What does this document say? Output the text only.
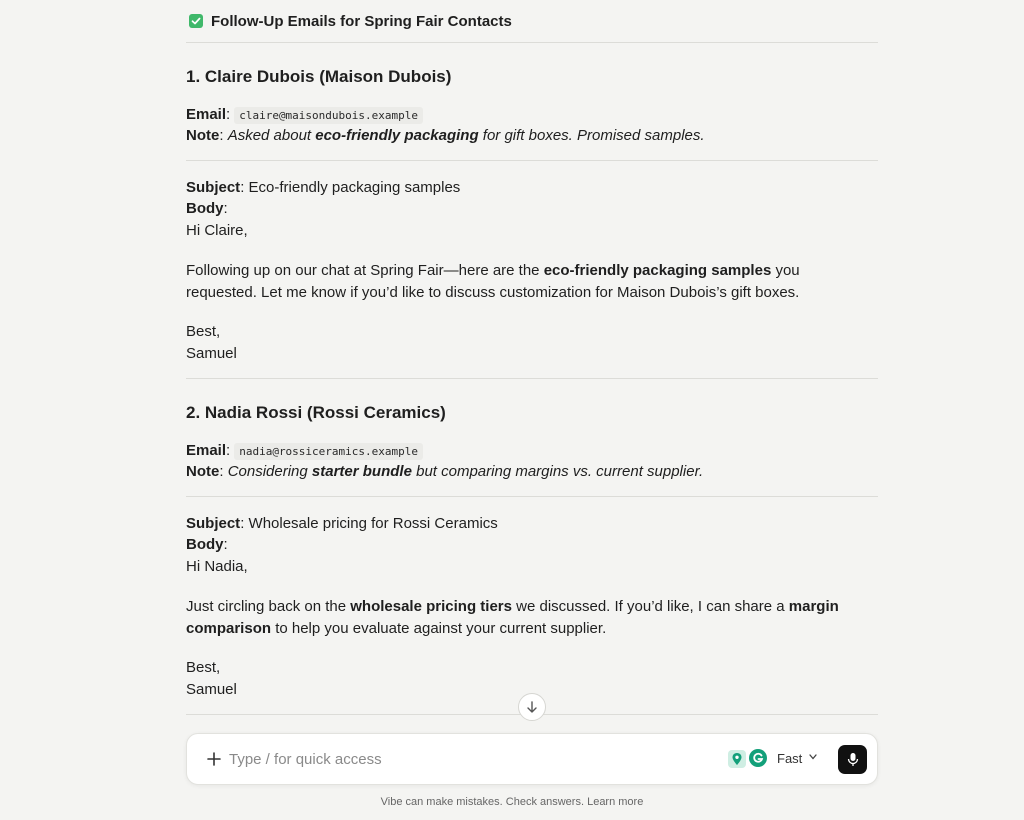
Follow-Up Emails for Spring Fair Contacts
1. Claire Dubois (Maison Dubois)
Email: claire@maisondubois.example
Note: Asked about eco-friendly packaging for gift boxes. Promised samples.
Subject: Eco-friendly packaging samples
Body:
Hi Claire,
Following up on our chat at Spring Fair—here are the eco-friendly packaging samples you
requested. Let me know if you’d like to discuss customization for Maison Dubois’s gift boxes.
Best,
Samuel
2. Nadia Rossi (Rossi Ceramics)
Email: nadia@rossiceramics.example
Note: Considering starter bundle but comparing margins vs. current supplier.
Subject: Wholesale pricing for Rossi Ceramics
Body:
Hi Nadia,
Just circling back on the wholesale pricing tiers we discussed. If you’d like, I can share a margin
comparison to help you evaluate against your current supplier.
Best,
Samuel
Type / for quick access	Fast
Vibe can make mistakes. Check answers. Learn more
